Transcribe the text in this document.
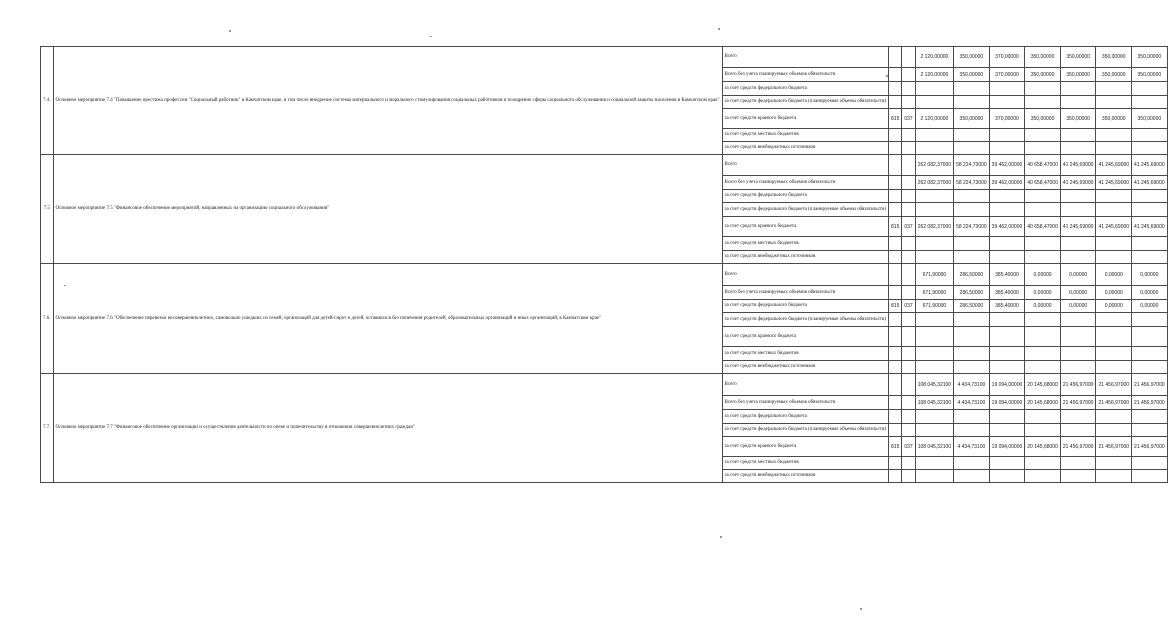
7.4.	Основное мероприятие 7.4 "Повышение престижа профессии "Социальный работник" в Камчатском крае, в том числе внедрение системы материального и морального стимулирования социальных работников и поощрение сферы социального обслуживания и социальной защиты населения в Камчатском крае"	Всего			2 120,00000	350,00000	370,00000	350,00000	350,00000	350,00000	350,00000
		Всего без учета планируемых объемов обязательств			2 120,00000	350,00000	370,00000	350,00000	350,00000	350,00000	350,00000
		за счет средств федерального бюджета									
		за счет средств федерального бюджета (планируемые объемы обязательств)									
		за счет средств краевого бюджета	815	037	2 120,00000	350,00000	370,00000	350,00000	350,00000	350,00000	350,00000
		за счет средств местных бюджетов									
		за счет средств внебюджетных источников									
7.5	Основное мероприятие 7.5 "Финансовое обеспечение мероприятий, направленных на организацию социального обслуживания"	Всего			262 082,37000	58 224,73000	39 462,00000	40 658,47000	41 245,69000	41 245,69000	41 245,69000
		Всего без учета планируемых объемов обязательств			262 082,37000	58 224,73000	39 462,00000	40 658,47000	41 245,69000	41 245,69000	41 245,69000
		за счет средств федерального бюджета									
		за счет средств федерального бюджета (планируемые объемы обязательств)									
		за счет средств краевого бюджета	815	037	262 082,37000	58 224,73000	39 462,00000	40 658,47000	41 245,69000	41 245,69000	41 245,69000
		за счет средств местных бюджетов									
		за счет средств внебюджетных источников									
7.6.	Основное мероприятие 7.6 "Обеспечение перевозки несовершеннолетних, самовольно ушедших из семей, организаций для детей-сирот и детей, оставшихся без попечения родителей, образовательных организаций и иных организаций, в Камчатском крае"	Всего			671,90000	286,50000	385,40000	0,00000	0,00000	0,00000	0,00000
		Всего без учета планируемых объемов обязательств			671,90000	286,50000	385,40000	0,00000	0,00000	0,00000	0,00000
		за счет средств федерального бюджета	815	037	671,90000	286,50000	385,40000	0,00000	0,00000	0,00000	0,00000
		за счет средств федерального бюджета (планируемые объемы обязательств)									
		за счет средств краевого бюджета									
		за счет средств местных бюджетов									
		за счет средств внебюджетных источников									
7.7.	Основное мероприятие 7.7 "Финансовое обеспечение организации и осуществления деятельности по опеке и попечительству в отношении совершеннолетних граждан"	Всего			108 045,32100	4 434,73100	19 094,00000	20 145,68000	21 456,97000	21 456,97000	21 456,97000
		Всего без учета планируемых объемов обязательств			108 045,32100	4 434,73100	19 094,00000	20 145,68000	21 456,97000	21 456,97000	21 456,97000
		за счет средств федерального бюджета									
		за счет средств федерального бюджета (планируемые объемы обязательств)									
		за счет средств краевого бюджета	815	037	108 045,32100	4 434,73100	19 094,00000	20 145,68000	21 456,97000	21 456,97000	21 456,97000
		за счет средств местных бюджетов									
		за счет средств внебюджетных источников									
